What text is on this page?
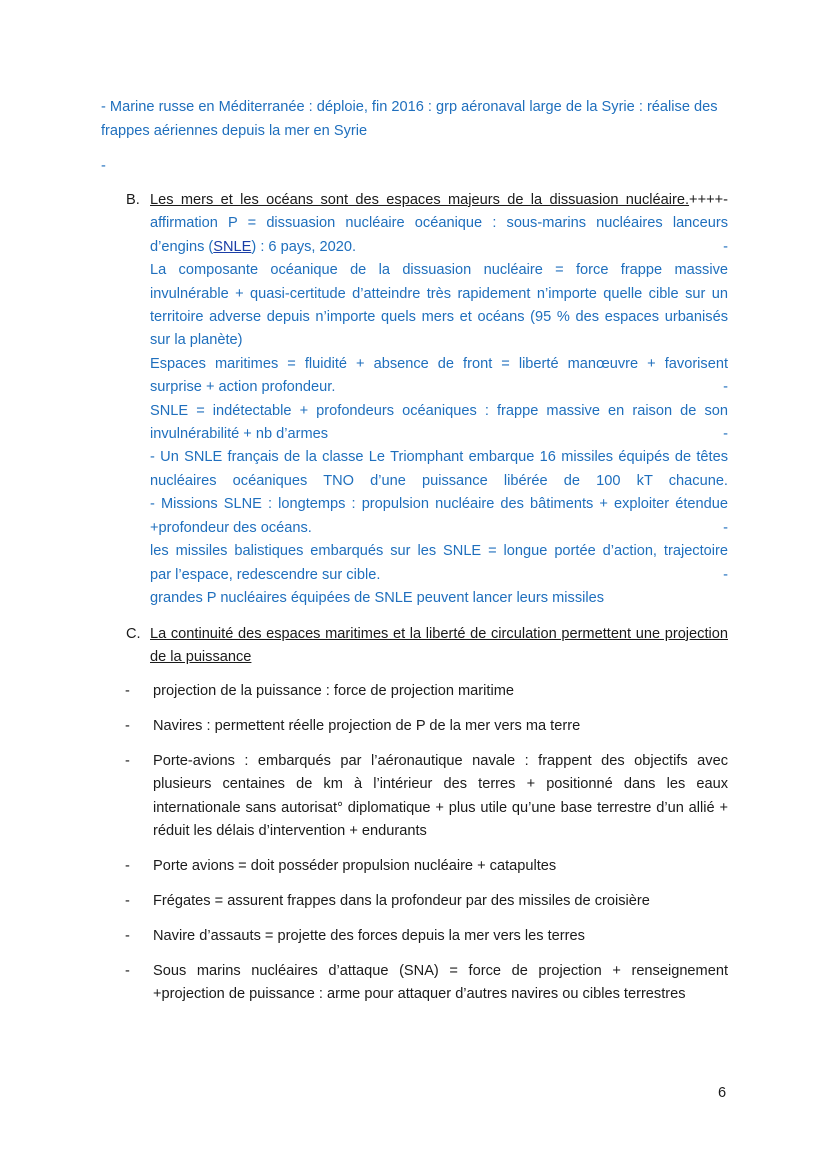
- Marine russe en Méditerranée : déploie, fin 2016 : grp aéronaval large de la Syrie : réalise des frappes aériennes depuis la mer en Syrie
-
B. Les mers et les océans sont des espaces majeurs de la dissuasion nucléaire.++++-
affirmation P = dissuasion nucléaire océanique : sous-marins nucléaires lanceurs
d’engins (SNLE) : 6 pays, 2020.	-
La composante océanique de la dissuasion nucléaire = force frappe massive invulnérable + quasi-certitude d’atteindre très rapidement n’importe quelle cible sur un territoire adverse depuis n’importe quels mers et océans (95 % des espaces urbanisés sur la planète)
Espaces maritimes = fluidité + absence de front = liberté manœuvre + favorisent
surprise + action profondeur.	-
SNLE = indétectable + profondeurs océaniques : frappe massive en raison de son
invulnérabilité + nb d’armes	-
- Un SNLE français de la classe Le Triomphant embarque 16 missiles équipés de têtes
nucléaires océaniques TNO d’une puissance libérée de 100 kT chacune.
- Missions SLNE : longtemps : propulsion nucléaire des bâtiments + exploiter étendue
+profondeur des océans.	-
les missiles balistiques embarqués sur les SNLE = longue portée d’action, trajectoire
par l’espace, redescendre sur cible.	-
grandes P nucléaires équipées de SNLE peuvent lancer leurs missiles
C. La continuité des espaces maritimes et la liberté de circulation permettent une projection de la puissance
- projection de la puissance : force de projection maritime
- Navires : permettent réelle projection de P de la mer vers ma terre
- Porte-avions : embarqués par l’aéronautique navale : frappent des objectifs avec plusieurs centaines de km à l’intérieur des terres + positionné dans les eaux internationale sans autorisat° diplomatique + plus utile qu’une base terrestre d’un allié + réduit les délais d’intervention + endurants
- Porte avions = doit posséder propulsion nucléaire + catapultes
- Frégates = assurent frappes dans la profondeur par des missiles de croisière
- Navire d’assauts = projette des forces depuis la mer vers les terres
- Sous marins nucléaires d’attaque (SNA) = force de projection + renseignement +projection de puissance : arme pour attaquer d’autres navires ou cibles terrestres
6
